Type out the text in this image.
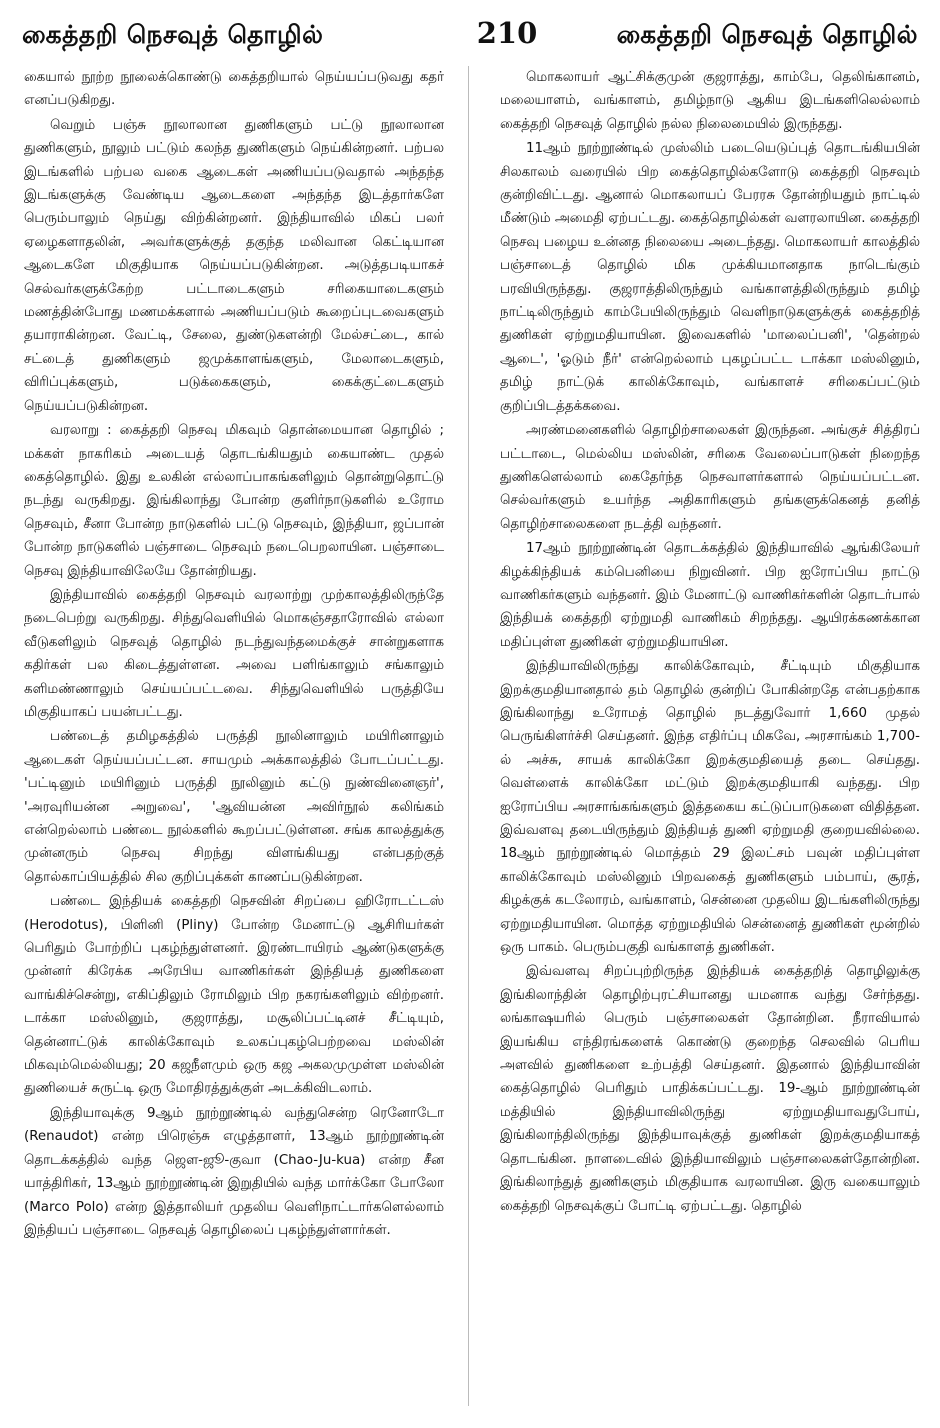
கைத்தறி நெசவுத் தொழில்	210	கைத்தறி நெசவுத் தொழில்

கையால் நூற்ற நூலைக்கொண்டு கைத்தறியால் நெய்யப்படுவது கதர் எனப்படுகிறது.

வெறும் பஞ்சு நூலாலான துணிகளும் பட்டு நூலாலான துணிகளும், நூலும் பட்டும் கலந்த துணிகளும் நெய்கின்றனர். பற்பல இடங்களில் பற்பல வகை ஆடைகள் அணியப்படுவதால் அந்தந்த இடங்களுக்கு வேண்டிய ஆடைகளை அந்தந்த இடத்தார்களே பெரும்பாலும் நெய்து விற்கின்றனர். இந்தியாவில் மிகப் பலர் ஏழைகளாதலின், அவர்களுக்குத் தகுந்த மலிவான கெட்டியான ஆடைகளே மிகுதியாக நெய்யப்படுகின்றன. அடுத்தபடியாகச் செல்வர்களுக்கேற்ற பட்டாடைகளும் சரிகையாடைகளும் மணத்தின்போது மணமக்களால் அணியப்படும் கூறைப்புடவைகளும் தயாராகின்றன. வேட்டி, சேலை, துண்டுகளன்றி மேல்சட்டை, கால் சட்டைத் துணிகளும் ஜமுக்காளங்களும், மேலாடைகளும், விரிப்புக்களும், படுக்கைகளும், கைக்குட்டைகளும் நெய்யப்படுகின்றன.

வரலாறு : கைத்தறி நெசவு மிகவும் தொன்மையான தொழில் ; மக்கள் நாகரிகம் அடையத் தொடங்கியதும் கையாண்ட முதல் கைத்தொழில். இது உலகின் எல்லாப்பாகங்களிலும் தொன்றுதொட்டு நடந்து வருகிறது. இங்கிலாந்து போன்ற குளிர்நாடுகளில் உரோம நெசவும், சீனா போன்ற நாடுகளில் பட்டு நெசவும், இந்தியா, ஜப்பான் போன்ற நாடுகளில் பஞ்சாடை நெசவும் நடைபெறலாயின. பஞ்சாடை நெசவு இந்தியாவிலேயே தோன்றியது.

இந்தியாவில் கைத்தறி நெசவும் வரலாற்று முற்காலத்திலிருந்தே நடைபெற்று வருகிறது. சிந்துவெளியில் மொகஞ்சதாரோவில் எல்லா வீடுகளிலும் நெசவுத் தொழில் நடந்துவந்தமைக்குச் சான்றுகளாக கதிர்கள் பல கிடைத்துள்ளன. அவை பளிங்காலும் சங்காலும் களிமண்ணாலும் செய்யப்பட்டவை. சிந்துவெளியில் பருத்தியே மிகுதியாகப் பயன்பட்டது.

பண்டைத் தமிழகத்தில் பருத்தி நூலினாலும் மயிரினாலும் ஆடைகள் நெய்யப்பட்டன. சாயமும் அக்காலத்தில் போடப்பட்டது. 'பட்டினும் மயிரினும் பருத்தி நூலினும் கட்டு நுண்வினைஞர்', 'அரவுரியன்ன அறுவை', 'ஆவியன்ன அவிர்நூல் கலிங்கம் என்றெல்லாம் பண்டை நூல்களில் கூறப்பட்டுள்ளன. சங்க காலத்துக்கு முன்னரும் நெசவு சிறந்து விளங்கியது என்பதற்குத் தொல்காப்பியத்தில் சில குறிப்புக்கள் காணப்படுகின்றன.

பண்டை இந்தியக் கைத்தறி நெசவின் சிறப்பை ஹிரோடட்டஸ் (Herodotus), பிளினி (Pliny) போன்ற மேனாட்டு ஆசிரியர்கள் பெரிதும் போற்றிப் புகழ்ந்துள்ளனர். இரண்டாயிரம் ஆண்டுகளுக்கு முன்னர் கிரேக்க அரேபிய வாணிகர்கள் இந்தியத் துணிகளை வாங்கிச்சென்று, எகிப்திலும் ரோமிலும் பிற நகரங்களிலும் விற்றனர். டாக்கா மஸ்லினும், குஜராத்து, மசூலிப்பட்டினச் சீட்டியும், தென்னாட்டுக் காலிக்கோவும் உலகப்புகழ்பெற்றவை மஸ்லின் மிகவும்மெல்லியது; 20 கஜநீளமும் ஒரு கஜ அகலமுமுள்ள மஸ்லின் துணியைச் சுருட்டி ஒரு மோதிரத்துக்குள் அடக்கிவிடலாம்.

இந்தியாவுக்கு 9ஆம் நூற்றூண்டில் வந்துசென்ற ரெனோடோ (Renaudot) என்ற பிரெஞ்சு எழுத்தாளர், 13ஆம் நூற்றூண்டின் தொடக்கத்தில் வந்த ஜௌ-ஜூ-குவா (Chao-Ju-kua) என்ற சீன யாத்திரிகர், 13ஆம் நூற்றூண்டின் இறுதியில் வந்த மார்க்கோ போலோ (Marco Polo) என்ற இத்தாலியர் முதலிய வெளிநாட்டார்களெல்லாம் இந்தியப் பஞ்சாடை நெசவுத் தொழிலைப் புகழ்ந்துள்ளார்கள்.

மொகலாயர் ஆட்சிக்குமுன் குஜராத்து, காம்பே, தெலிங்கானம், மலையாளம், வங்காளம், தமிழ்நாடு ஆகிய இடங்களிலெல்லாம் கைத்தறி நெசவுத் தொழில் நல்ல நிலைமையில் இருந்தது.

11ஆம் நூற்றூண்டில் முஸ்லிம் படையெடுப்புத் தொடங்கியபின் சிலகாலம் வரையில் பிற கைத்தொழில்களோடு கைத்தறி நெசவும் குன்றிவிட்டது. ஆனால் மொகலாயப் பேரரசு தோன்றியதும் நாட்டில் மீண்டும் அமைதி ஏற்பட்டது. கைத்தொழில்கள் வளரலாயின. கைத்தறி நெசவு பழைய உன்னத நிலையை அடைந்தது. மொகலாயர் காலத்தில் பஞ்சாடைத் தொழில் மிக முக்கியமானதாக நாடெங்கும் பரவியிருந்தது. குஜராத்திலிருந்தும் வங்காளத்திலிருந்தும் தமிழ் நாட்டிலிருந்தும் காம்பேயிலிருந்தும் வெளிநாடுகளுக்குக் கைத்தறித் துணிகள் ஏற்றுமதியாயின. இவைகளில் 'மாலைப்பனி', 'தென்றல் ஆடை', 'ஓடும் நீர்' என்றெல்லாம் புகழப்பட்ட டாக்கா மஸ்லினும், தமிழ் நாட்டுக் காலிக்கோவும், வங்காளச் சரிகைப்பட்டும் குறிப்பிடத்தக்கவை.

அரண்மனைகளில் தொழிற்சாலைகள் இருந்தன. அங்குச் சித்திரப் பட்டாடை, மெல்லிய மஸ்லின், சரிகை வேலைப்பாடுகள் நிறைந்த துணிகளெல்லாம் கைதேர்ந்த நெசவாளர்களால் நெய்யப்பட்டன. செல்வர்களும் உயர்ந்த அதிகாரிகளும் தங்களுக்கெனத் தனித் தொழிற்சாலைகளை நடத்தி வந்தனர்.

17ஆம் நூற்றூண்டின் தொடக்கத்தில் இந்தியாவில் ஆங்கிலேயர் கிழக்கிந்தியக் கம்பெனியை நிறுவினர். பிற ஐரோப்பிய நாட்டு வாணிகர்களும் வந்தனர். இம் மேனாட்டு வாணிகர்களின் தொடர்பால் இந்தியக் கைத்தறி ஏற்றுமதி வாணிகம் சிறந்தது. ஆயிரக்கணக்கான மதிப்புள்ள துணிகள் ஏற்றுமதியாயின.

இந்தியாவிலிருந்து காலிக்கோவும், சீட்டியும் மிகுதியாக இறக்குமதியானதால் தம் தொழில் குன்றிப் போகின்றதே என்பதற்காக இங்கிலாந்து உரோமத் தொழில் நடத்துவோர் 1,660 முதல் பெருங்கிளர்ச்சி செய்தனர். இந்த எதிர்ப்பு மிகவே, அரசாங்கம் 1,700-ல் அச்சு, சாயக் காலிக்கோ இறக்குமதியைத் தடை செய்தது. வெள்ளைக் காலிக்கோ மட்டும் இறக்குமதியாகி வந்தது. பிற ஐரோப்பிய அரசாங்கங்களும் இத்தகைய கட்டுப்பாடுகளை விதித்தன. இவ்வளவு தடையிருந்தும் இந்தியத் துணி ஏற்றுமதி குறையவில்லை. 18ஆம் நூற்றூண்டில் மொத்தம் 29 இலட்சம் பவுன் மதிப்புள்ள காலிக்கோவும் மஸ்லினும் பிறவகைத் துணிகளும் பம்பாய், சூரத், கிழக்குக் கடலோரம், வங்காளம், சென்னை முதலிய இடங்களிலிருந்து ஏற்றுமதியாயின. மொத்த ஏற்றுமதியில் சென்னைத் துணிகள் மூன்றில் ஒரு பாகம். பெரும்பகுதி வங்காளத் துணிகள்.

இவ்வளவு சிறப்புற்றிருந்த இந்தியக் கைத்தறித் தொழிலுக்கு இங்கிலாந்தின் தொழிற்புரட்சியானது யமனாக வந்து சேர்ந்தது. லங்காஷயரில் பெரும் பஞ்சாலைகள் தோன்றின. நீராவியால் இயங்கிய எந்திரங்களைக் கொண்டு குறைந்த செலவில் பெரிய அளவில் துணிகளை உற்பத்தி செய்தனர். இதனால் இந்தியாவின் கைத்தொழில் பெரிதும் பாதிக்கப்பட்டது. 19-ஆம் நூற்றூண்டின் மத்தியில் இந்தியாவிலிருந்து ஏற்றுமதியாவதுபோய், இங்கிலாந்திலிருந்து இந்தியாவுக்குத் துணிகள் இறக்குமதியாகத் தொடங்கின. நாளடைவில் இந்தியாவிலும் பஞ்சாலைகள்தோன்றின. இங்கிலாந்துத் துணிகளும் மிகுதியாக வரலாயின. இரு வகையாலும் கைத்தறி நெசவுக்குப் போட்டி ஏற்பட்டது. தொழில்
